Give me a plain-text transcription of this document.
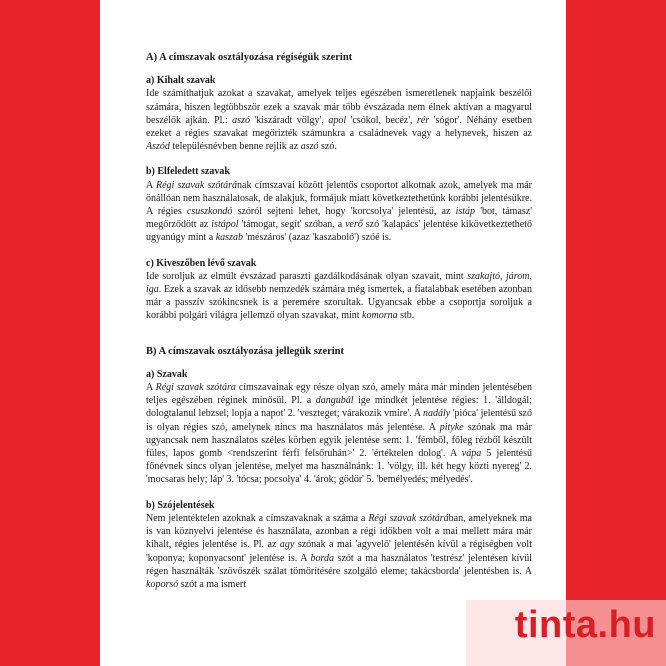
A) A címszavak osztályozása régiségük szerint
a) Kihalt szavak
Ide számíthatjuk azokat a szavakat, amelyek teljes egészében ismeretlenek napjaink beszélői számára, hiszen legtöbbször ezek a szavak már több évszázada nem élnek aktívan a magyarul beszélők ajkán. Pl.: aszó 'kiszáradt völgy', apol 'csókol, becéz', rér 'sógor'. Néhány esetben ezeket a régies szavakat megőrizték számunkra a családnevek vagy a helynevek, hiszen az Aszód településnévben benne rejlik az aszó szó.
b) Elfeledett szavak
A Régi szavak szótárának címszavai között jelentős csoportot alkotnak azok, amelyek ma már önállóan nem használatosak, de alakjuk, formájuk miatt következtethetünk korábbi jelentésükre. A régies csuszkondó szóról sejteni lehet, hogy 'korcsolya' jelentésű, az istáp 'bot, támasz' megőrződött az istápol 'támogat, segít' szóban, a verő szó 'kalapács' jelentése kikövetkeztethető ugyanúgy mint a kaszab 'mészáros' (azaz 'kaszaboló') szóé is.
c) Kiveszőben lévő szavak
Ide soroljuk az elmúlt évszázad paraszti gazdálkodásának olyan szavait, mint szakajtó, járom, iga. Ezek a szavak az idősebb nemzedék számára még ismertek, a fiatalabbak esetében azonban már a passzív szókincsnek is a peremére szorultak. Ugyancsak ebbe a csoportja soroljuk a korábbi polgári világra jellemző olyan szavakat, mint komorna stb.
B) A címszavak osztályozása jellegük szerint
a) Szavak
A Régi szavak szótára címszavainak egy része olyan szó, amely mára már minden jelentésében teljes egészében réginek minősül. Pl. a dangubál ige mindkét jelentése régies: 1. 'álldogál; dologtalanul lebzsel; lopja a napot' 2. 'veszteget; várakozik vmire'. A nadály 'pióca' jelentésű szó is olyan régies szó, amelynek nincs ma használatos más jelentése. A pityke szónak ma már ugyancsak nem használatos széles körben egyik jelentése sem: 1. 'fémből, főleg rézből készült füles, lapos gomb <rendszerint férfi felsőruhán>' 2. 'értéktelen dolog'. A vápa 5 jelentésű főnévnek sincs olyan jelentése, melyet ma használnánk: 1. 'völgy, ill. két hegy közti nyereg' 2. 'mocsaras hely; láp' 3. 'tócsa; pocsolya' 4. 'árok; gödör' 5. 'bemélyedés; mélyedés'.
b) Szójelentések
Nem jelentéktelen azoknak a címszavaknak a száma a Régi szavak szótárában, amelyeknek ma is van köznyelvi jelentése és használata, azonban a régi időkben volt a mai mellett mára már kihalt, régies jelentése is. Pl. az agy szónak a mai 'agyvelő' jelentésén kívül a régiségben volt 'koponya; koponyacsont' jelentése is. A borda szót a ma használatos 'testrész' jelentésen kívül régen használták 'szövőszék szálat tömörítésére szolgáló eleme; takácsborda' jelentésben is. A koporsó szót a ma ismert
tinta.hu
